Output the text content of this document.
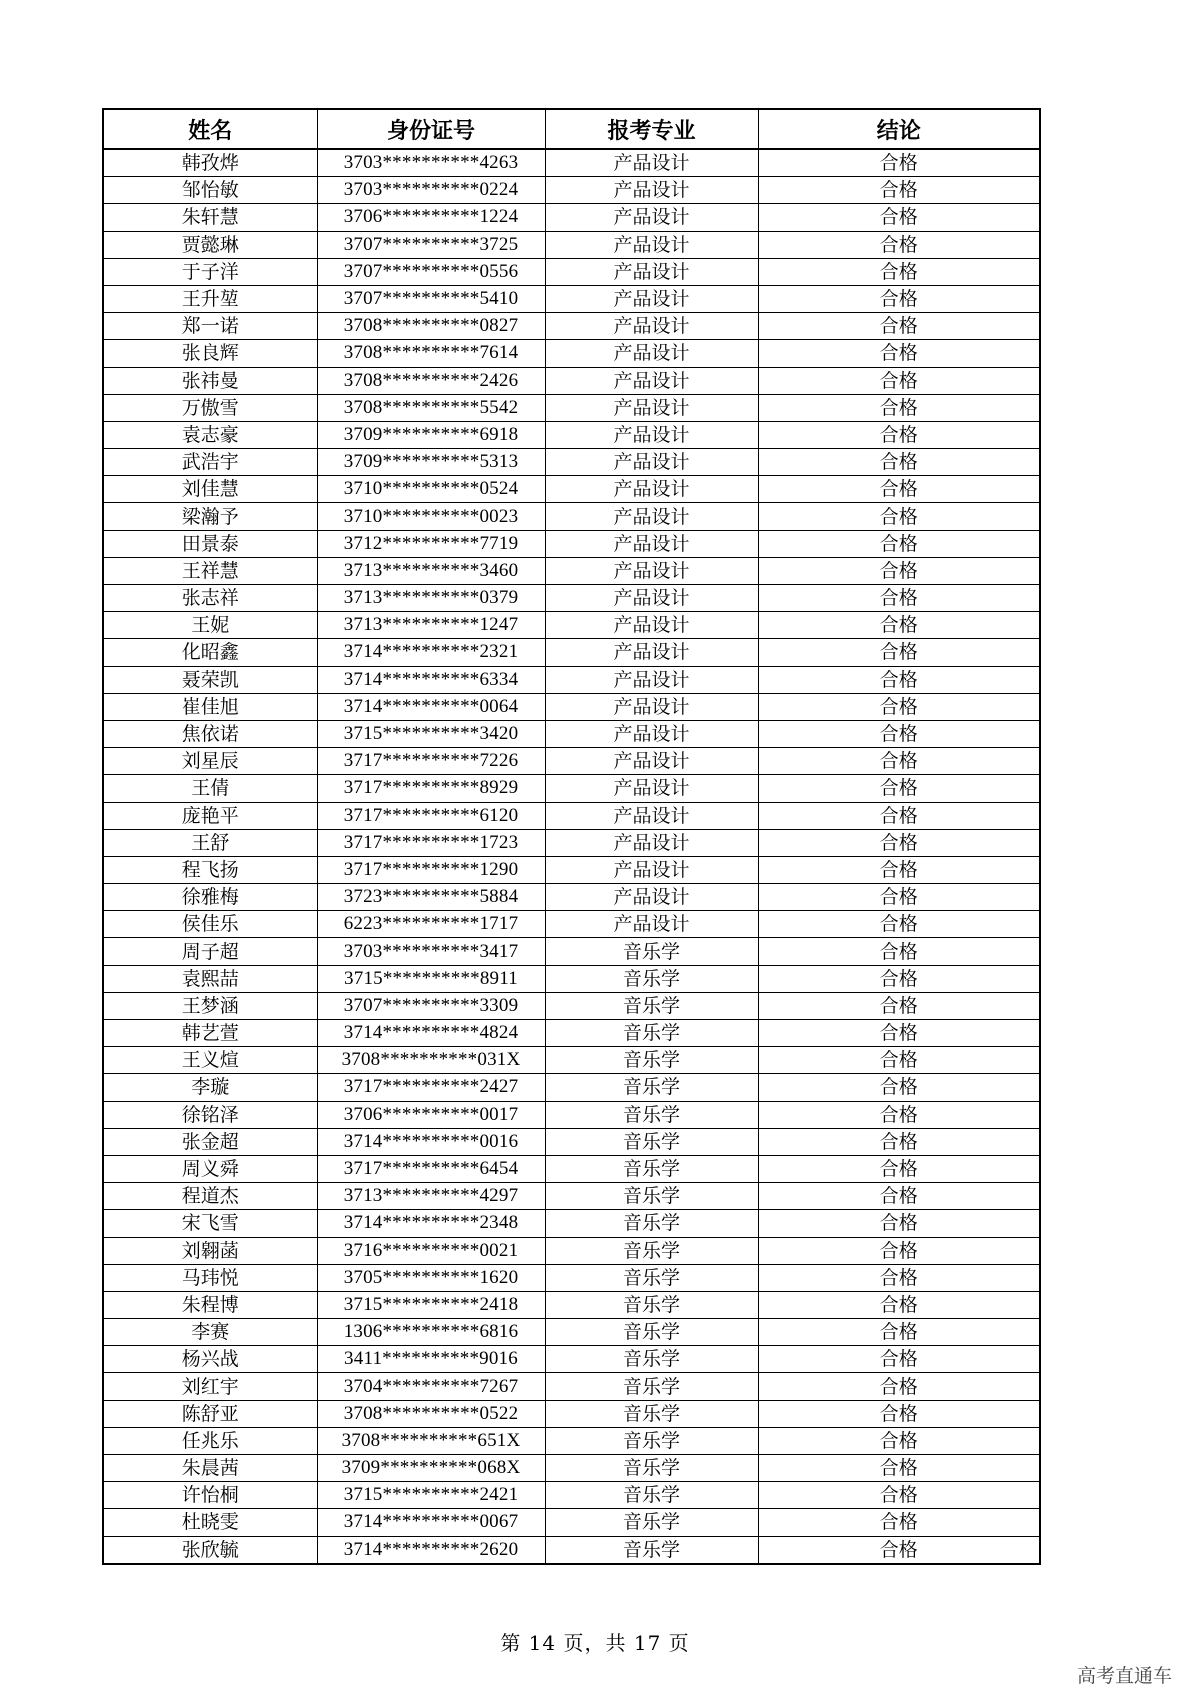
姓名	身份证号	报考专业	结论
韩孜烨	3703**********4263	产品设计	合格
邹怡敏	3703**********0224	产品设计	合格
朱轩慧	3706**********1224	产品设计	合格
贾懿琳	3707**********3725	产品设计	合格
于子洋	3707**********0556	产品设计	合格
王升堃	3707**********5410	产品设计	合格
郑一诺	3708**********0827	产品设计	合格
张良辉	3708**********7614	产品设计	合格
张祎曼	3708**********2426	产品设计	合格
万傲雪	3708**********5542	产品设计	合格
袁志豪	3709**********6918	产品设计	合格
武浩宇	3709**********5313	产品设计	合格
刘佳慧	3710**********0524	产品设计	合格
梁瀚予	3710**********0023	产品设计	合格
田景泰	3712**********7719	产品设计	合格
王祥慧	3713**********3460	产品设计	合格
张志祥	3713**********0379	产品设计	合格
王妮	3713**********1247	产品设计	合格
化昭鑫	3714**********2321	产品设计	合格
聂荣凯	3714**********6334	产品设计	合格
崔佳旭	3714**********0064	产品设计	合格
焦依诺	3715**********3420	产品设计	合格
刘星辰	3717**********7226	产品设计	合格
王倩	3717**********8929	产品设计	合格
庞艳平	3717**********6120	产品设计	合格
王舒	3717**********1723	产品设计	合格
程飞扬	3717**********1290	产品设计	合格
徐雅梅	3723**********5884	产品设计	合格
侯佳乐	6223**********1717	产品设计	合格
周子超	3703**********3417	音乐学	合格
袁熙喆	3715**********8911	音乐学	合格
王梦涵	3707**********3309	音乐学	合格
韩艺萱	3714**********4824	音乐学	合格
王义煊	3708**********031X	音乐学	合格
李璇	3717**********2427	音乐学	合格
徐铭泽	3706**********0017	音乐学	合格
张金超	3714**********0016	音乐学	合格
周义舜	3717**********6454	音乐学	合格
程道杰	3713**********4297	音乐学	合格
宋飞雪	3714**********2348	音乐学	合格
刘翱菡	3716**********0021	音乐学	合格
马玮悦	3705**********1620	音乐学	合格
朱程博	3715**********2418	音乐学	合格
李赛	1306**********6816	音乐学	合格
杨兴战	3411**********9016	音乐学	合格
刘红宇	3704**********7267	音乐学	合格
陈舒亚	3708**********0522	音乐学	合格
任兆乐	3708**********651X	音乐学	合格
朱晨茜	3709**********068X	音乐学	合格
许怡桐	3715**********2421	音乐学	合格
杜晓雯	3714**********0067	音乐学	合格
张欣毓	3714**********2620	音乐学	合格
第 14 页，共 17 页
高考直通车
